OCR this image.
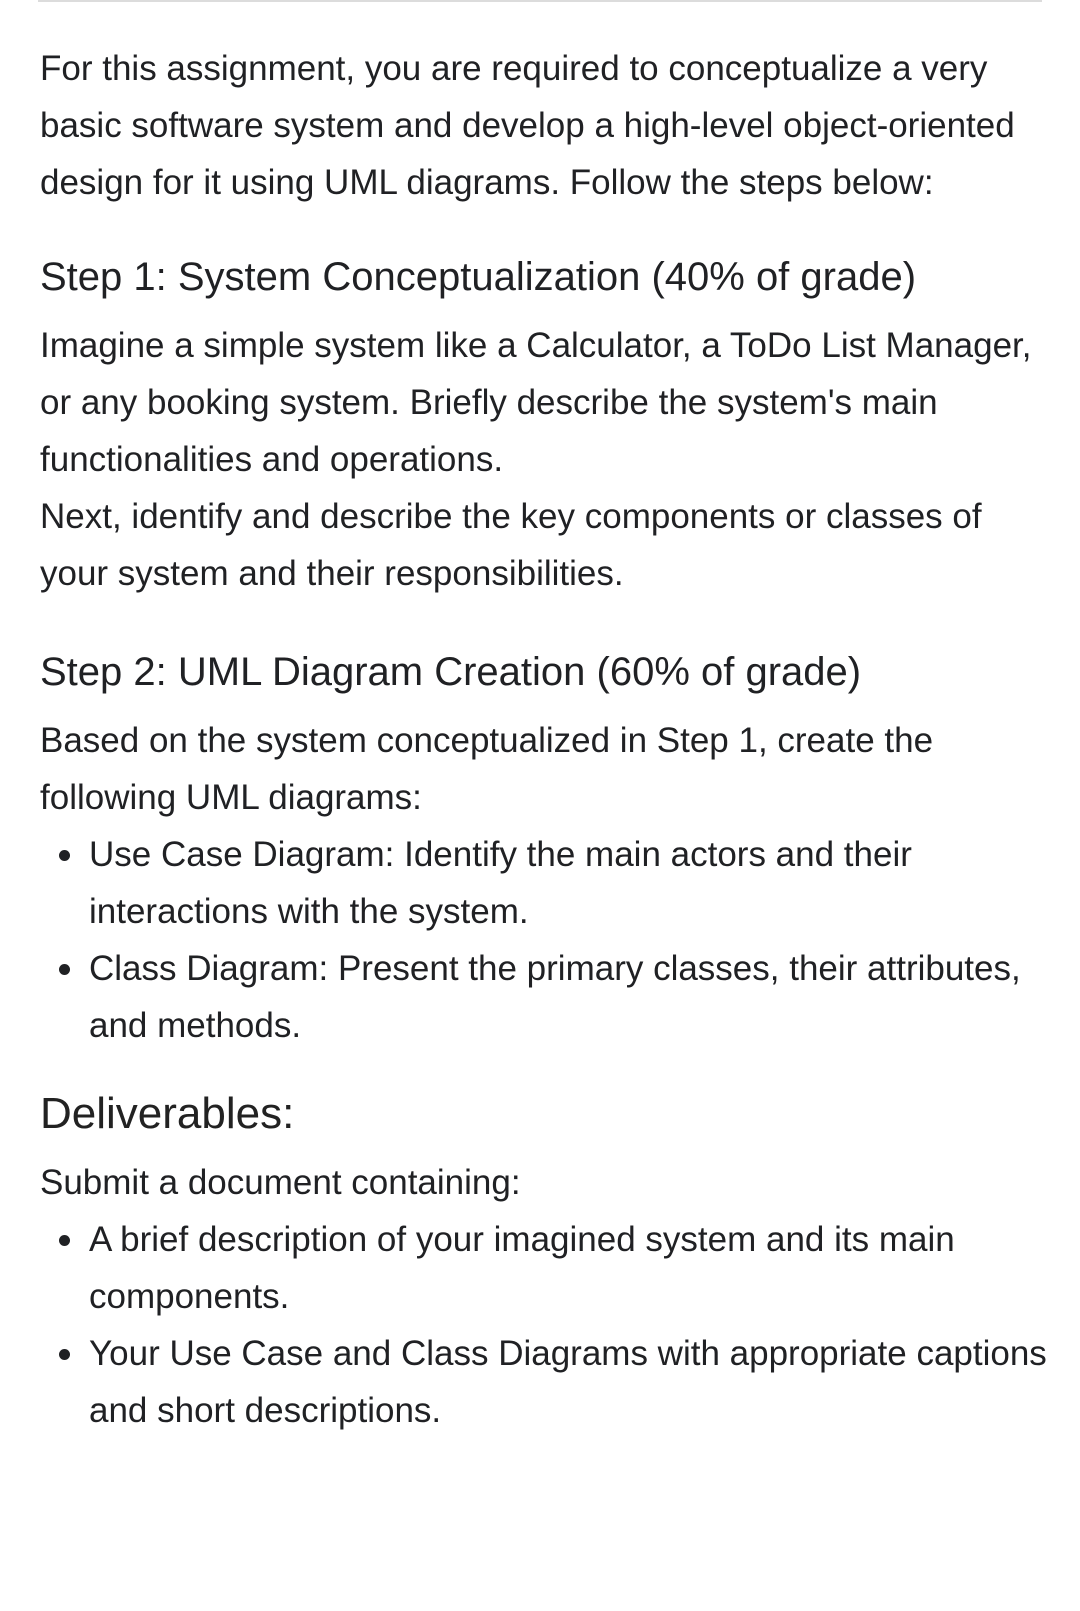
For this assignment, you are required to conceptualize a very basic software system and develop a high-level object-oriented design for it using UML diagrams. Follow the steps below:

Step 1: System Conceptualization (40% of grade)

Imagine a simple system like a Calculator, a ToDo List Manager, or any booking system. Briefly describe the system's main functionalities and operations.

Next, identify and describe the key components or classes of your system and their responsibilities.

Step 2: UML Diagram Creation (60% of grade)

Based on the system conceptualized in Step 1, create the following UML diagrams:

Use Case Diagram: Identify the main actors and their interactions with the system.
Class Diagram: Present the primary classes, their attributes, and methods.
Deliverables:

Submit a document containing:

A brief description of your imagined system and its main components.
Your Use Case and Class Diagrams with appropriate captions and short descriptions.
